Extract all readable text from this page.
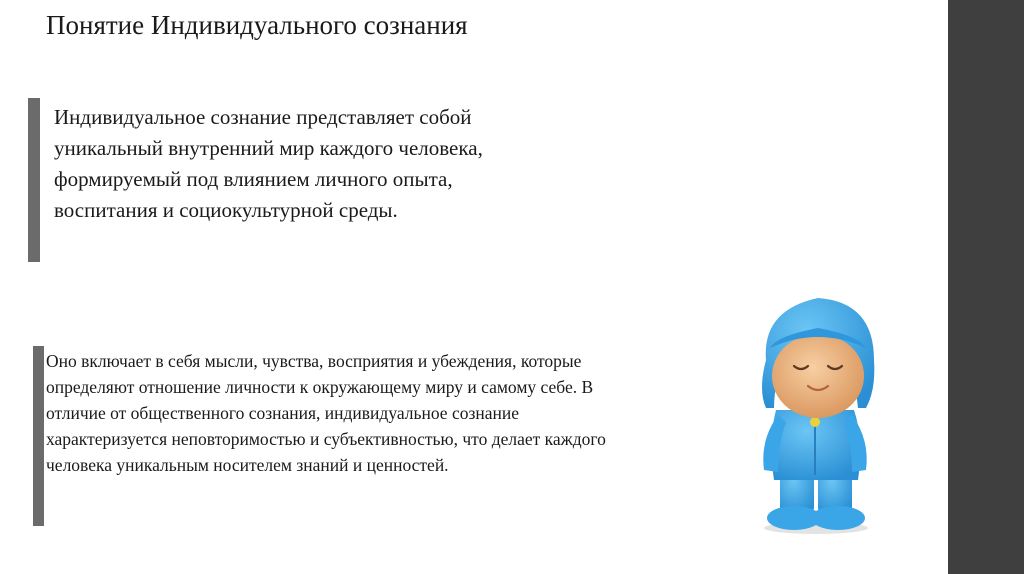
Понятие Индивидуального сознания
Индивидуальное сознание представляет собой уникальный внутренний мир каждого человека, формируемый под влиянием личного опыта, воспитания и социокультурной среды.
Оно включает в себя мысли, чувства, восприятия и убеждения, которые определяют отношение личности к окружающему миру и самому себе. В отличие от общественного сознания, индивидуальное сознание характеризуется неповторимостью и субъективностью, что делает каждого человека уникальным носителем знаний и ценностей.
